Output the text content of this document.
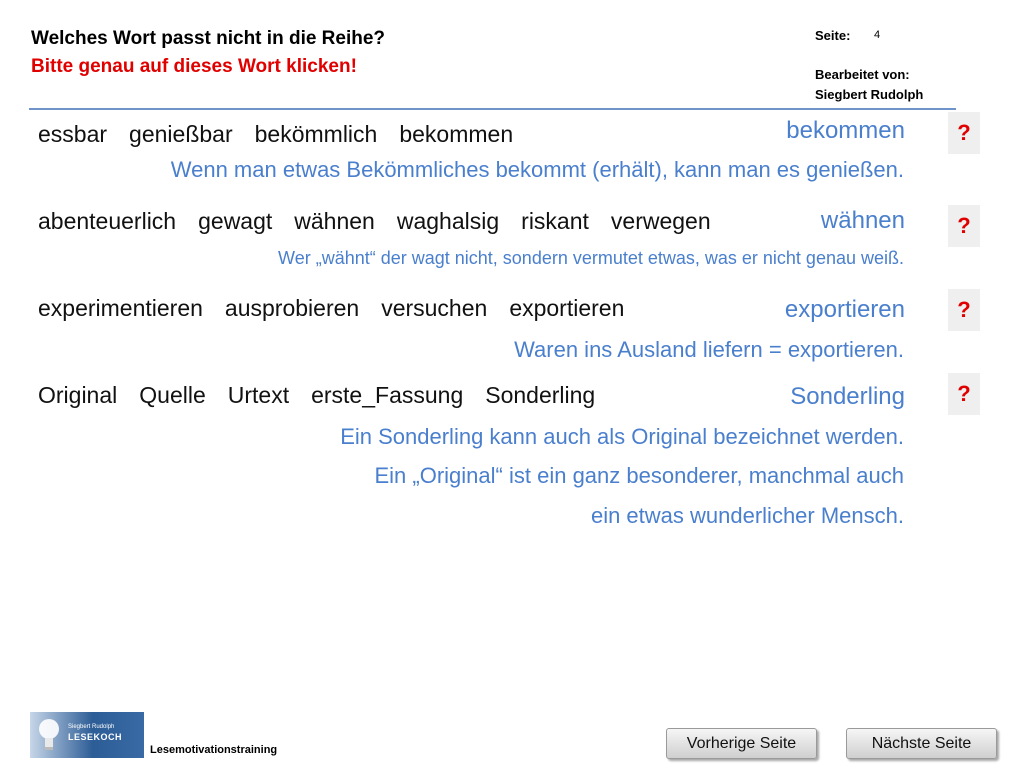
Welches Wort passt nicht in die Reihe?
Bitte genau auf dieses Wort klicken!
Seite: 4
Bearbeitet von:
Siegbert Rudolph
essbar genießbar bekömmlich bekommen	bekommen
Wenn man etwas Bekömmliches bekommt (erhält), kann man es genießen.
?
abenteuerlich gewagt wähnen waghalsig riskant verwegen	wähnen
Wer „wähnt“ der wagt nicht, sondern vermutet etwas, was er nicht genau weiß.
?
experimentieren ausprobieren versuchen exportieren	exportieren
Waren ins Ausland liefern = exportieren.
?
Original Quelle Urtext erste_Fassung Sonderling	Sonderling
Ein Sonderling kann auch als Original bezeichnet werden.
Ein „Original“ ist ein ganz besonderer, manchmal auch
ein etwas wunderlicher Mensch.
?
Siegbert Rudolph
LESEKOCH
Lesemotivationstraining	Vorherige Seite	Nächste Seite
